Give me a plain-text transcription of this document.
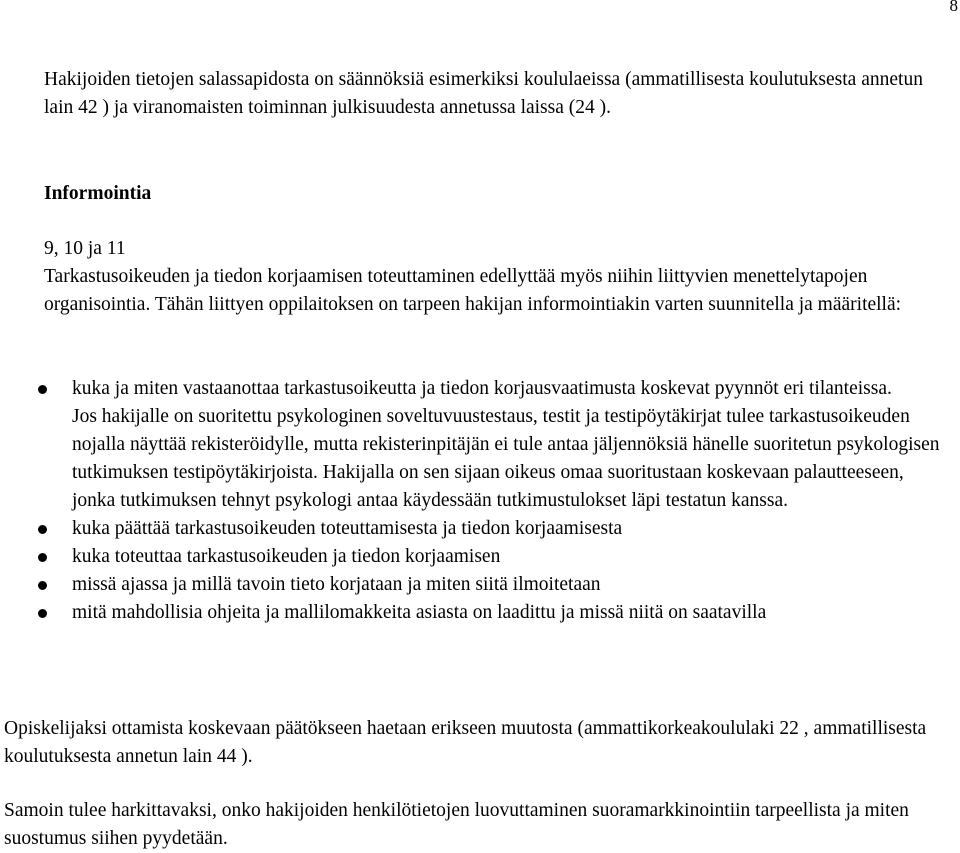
8

Hakijoiden tietojen salassapidosta on säännöksiä esimerkiksi koululaeissa (ammatillisesta koulutuksesta annetun lain 42 ) ja viranomaisten toiminnan julkisuudesta annetussa laissa (24 ).

Informointia

9, 10 ja 11

Tarkastusoikeuden ja tiedon korjaamisen toteuttaminen edellyttää myös niihin liittyvien menettelytapojen organisointia. Tähän liittyen oppilaitoksen on tarpeen hakijan informointiakin varten suunnitella ja määritellä:

kuka ja miten vastaanottaa tarkastusoikeutta ja tiedon korjausvaatimusta koskevat pyynnöt eri tilanteissa.
Jos hakijalle on suoritettu psykologinen soveltuvuustestaus, testit ja testipöytäkirjat tulee tarkastusoikeuden nojalla näyttää rekisteröidylle, mutta rekisterinpitäjän ei tule antaa jäljennöksiä hänelle suoritetun psykologisen tutkimuksen testipöytäkirjoista. Hakijalla on sen sijaan oikeus omaa suoritustaan koskevaan palautteeseen, jonka tutkimuksen tehnyt psykologi antaa käydessään tutkimustulokset läpi testatun kanssa.
kuka päättää tarkastusoikeuden toteuttamisesta ja tiedon korjaamisesta
kuka toteuttaa tarkastusoikeuden ja tiedon korjaamisen
missä ajassa ja millä tavoin tieto korjataan ja miten siitä ilmoitetaan
mitä mahdollisia ohjeita ja mallilomakkeita asiasta on laadittu ja missä niitä on saatavilla

Opiskelijaksi ottamista koskevaan päätökseen haetaan erikseen muutosta (ammattikorkeakoululaki 22 , ammatillisesta koulutuksesta annetun lain 44 ).

Samoin tulee harkittavaksi, onko hakijoiden henkilötietojen luovuttaminen suoramarkkinointiin tarpeellista ja miten suostumus siihen pyydetään.
